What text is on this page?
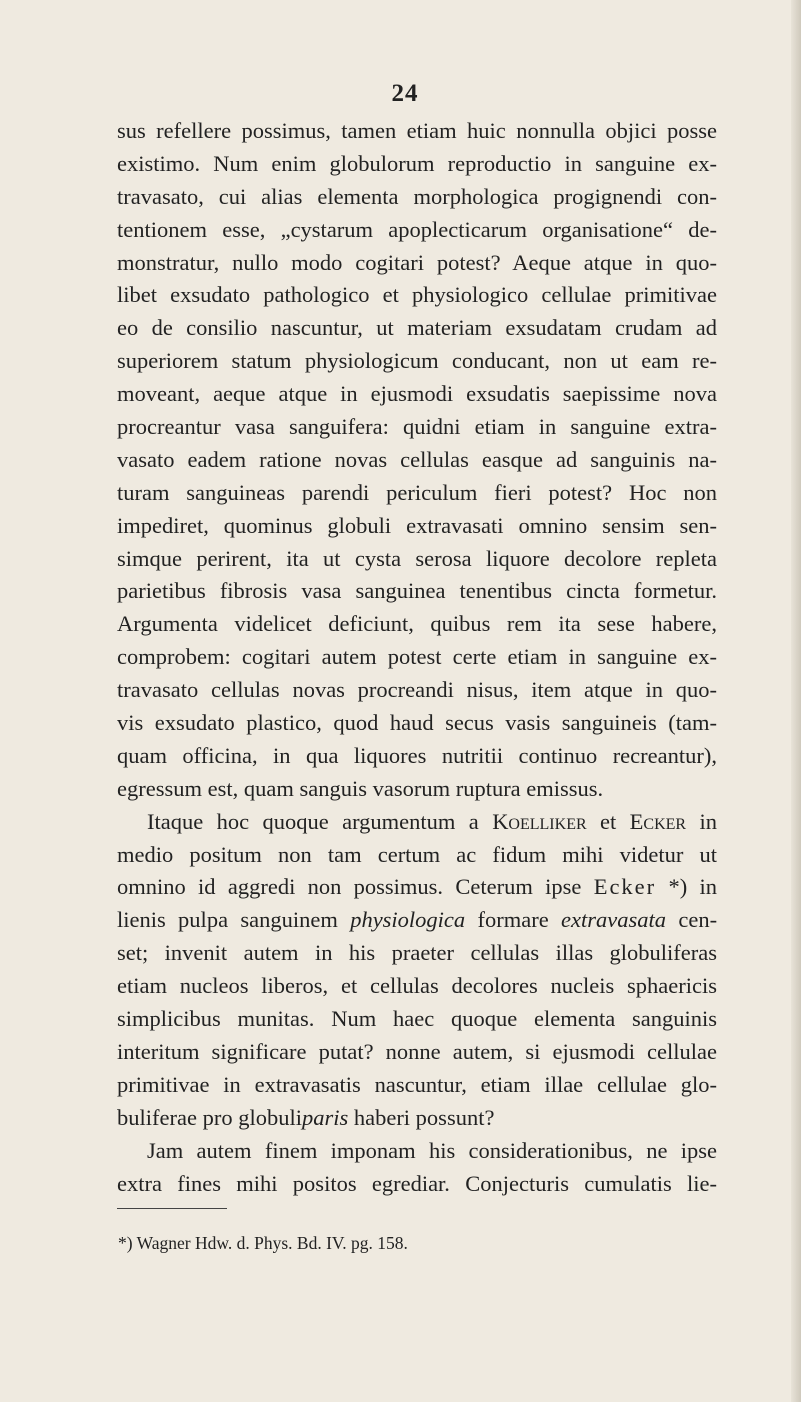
24
sus refellere possimus, tamen etiam huic nonnulla objici posse
existimo. Num enim globulorum reproductio in sanguine ex-
travasato, cui alias elementa morphologica progignendi con-
tentionem esse, „cystarum apoplecticarum organisatione“ de-
monstratur, nullo modo cogitari potest? Aeque atque in quo-
libet exsudato pathologico et physiologico cellulae primitivae
eo de consilio nascuntur, ut materiam exsudatam crudam ad
superiorem statum physiologicum conducant, non ut eam re-
moveant, aeque atque in ejusmodi exsudatis saepissime nova
procreantur vasa sanguifera: quidni etiam in sanguine extra-
vasato eadem ratione novas cellulas easque ad sanguinis na-
turam sanguineas parendi periculum fieri potest? Hoc non
impediret, quominus globuli extravasati omnino sensim sen-
simque perirent, ita ut cysta serosa liquore decolore repleta
parietibus fibrosis vasa sanguinea tenentibus cincta formetur.
Argumenta videlicet deficiunt, quibus rem ita sese habere,
comprobem: cogitari autem potest certe etiam in sanguine ex-
travasato cellulas novas procreandi nisus, item atque in quo-
vis exsudato plastico, quod haud secus vasis sanguineis (tam-
quam officina, in qua liquores nutritii continuo recreantur),
egressum est, quam sanguis vasorum ruptura emissus.
Itaque hoc quoque argumentum a Koelliker et Ecker in
medio positum non tam certum ac fidum mihi videtur ut
omnino id aggredi non possimus. Ceterum ipse Ecker *) in
lienis pulpa sanguinem physiologica formare extravasata cen-
set; invenit autem in his praeter cellulas illas globuliferas
etiam nucleos liberos, et cellulas decolores nucleis sphaericis
simplicibus munitas. Num haec quoque elementa sanguinis
interitum significare putat? nonne autem, si ejusmodi cellulae
primitivae in extravasatis nascuntur, etiam illae cellulae glo-
buliferae pro globuliparis haberi possunt?
Jam autem finem imponam his considerationibus, ne ipse
extra fines mihi positos egrediar. Conjecturis cumulatis lie-
*) Wagner Hdw. d. Phys. Bd. IV. pg. 158.
